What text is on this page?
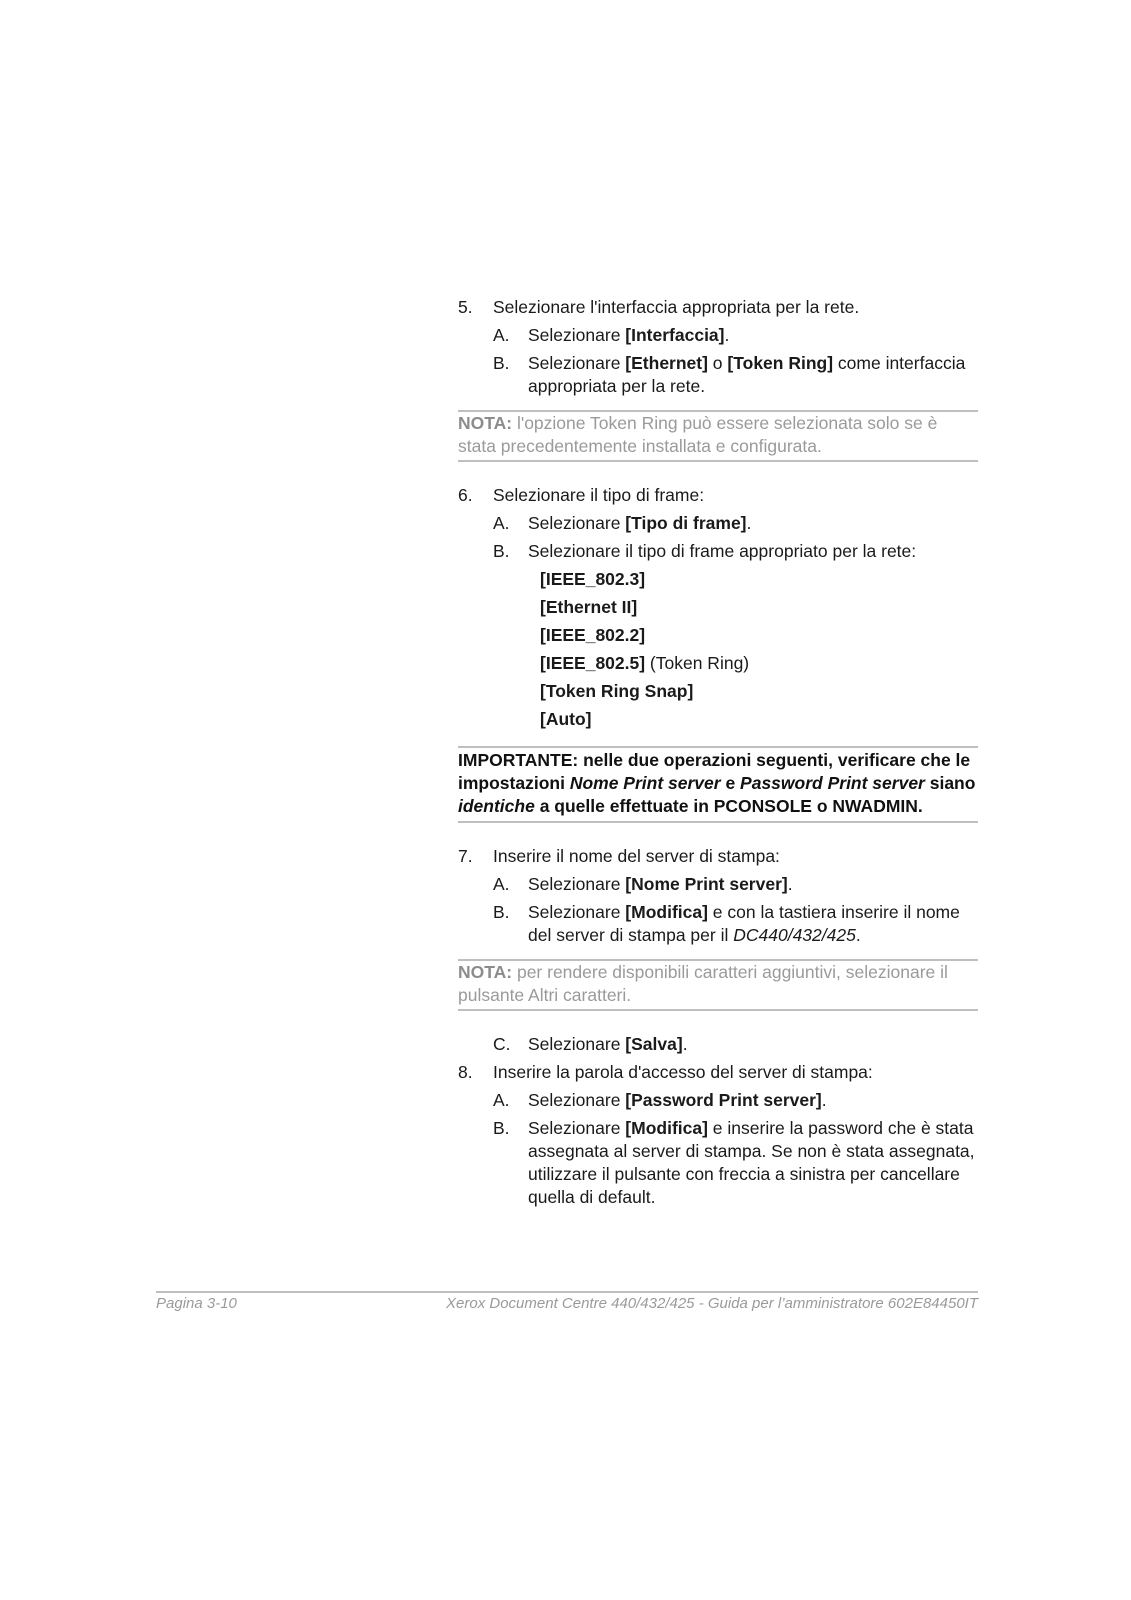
5. Selezionare l'interfaccia appropriata per la rete.
A. Selezionare [Interfaccia].
B. Selezionare [Ethernet] o [Token Ring] come interfaccia appropriata per la rete.
NOTA: l'opzione Token Ring può essere selezionata solo se è stata precedentemente installata e configurata.
6. Selezionare il tipo di frame:
A. Selezionare [Tipo di frame].
B. Selezionare il tipo di frame appropriato per la rete:
[IEEE_802.3]
[Ethernet II]
[IEEE_802.2]
[IEEE_802.5] (Token Ring)
[Token Ring Snap]
[Auto]
IMPORTANTE: nelle due operazioni seguenti, verificare che le impostazioni Nome Print server e Password Print server siano identiche a quelle effettuate in PCONSOLE o NWADMIN.
7. Inserire il nome del server di stampa:
A. Selezionare [Nome Print server].
B. Selezionare [Modifica] e con la tastiera inserire il nome del server di stampa per il DC440/432/425.
NOTA: per rendere disponibili caratteri aggiuntivi, selezionare il pulsante Altri caratteri.
C. Selezionare [Salva].
8. Inserire la parola d'accesso del server di stampa:
A. Selezionare [Password Print server].
B. Selezionare [Modifica] e inserire la password che è stata assegnata al server di stampa. Se non è stata assegnata, utilizzare il pulsante con freccia a sinistra per cancellare quella di default.
Pagina 3-10	Xerox Document Centre 440/432/425 - Guida per l’amministratore 602E84450IT
